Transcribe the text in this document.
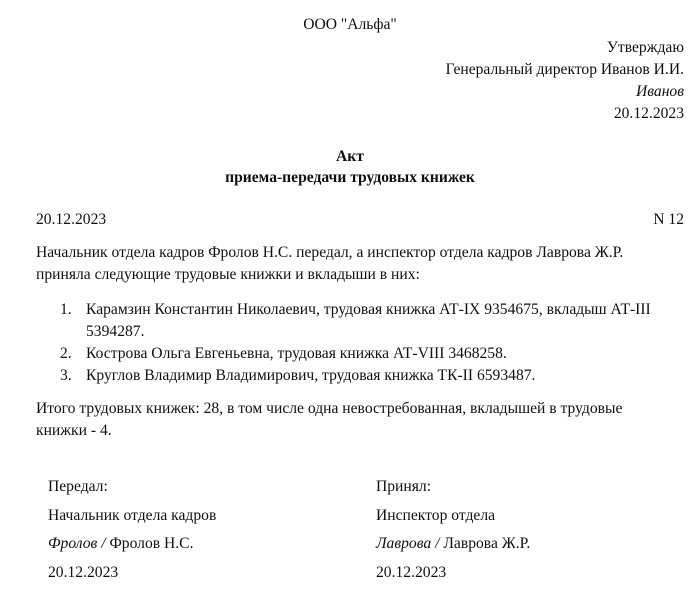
ООО "Альфа"
Утверждаю
Генеральный директор Иванов И.И.
Иванов
20.12.2023
Акт
приема-передачи трудовых книжек
20.12.2023	N 12
Начальник отдела кадров Фролов Н.С. передал, а инспектор отдела кадров Лаврова Ж.Р. приняла следующие трудовые книжки и вкладыши в них:
1. Карамзин Константин Николаевич, трудовая книжка АТ-IX 9354675, вкладыш АТ-III 5394287.
2. Кострова Ольга Евгеньевна, трудовая книжка АТ-VIII 3468258.
3. Круглов Владимир Владимирович, трудовая книжка ТК-II 6593487.
Итого трудовых книжек: 28, в том числе одна невостребованная, вкладышей в трудовые книжки - 4.
Передал:
Начальник отдела кадров
Фролов / Фролов Н.С.
20.12.2023
Принял:
Инспектор отдела
Лаврова / Лаврова Ж.Р.
20.12.2023
